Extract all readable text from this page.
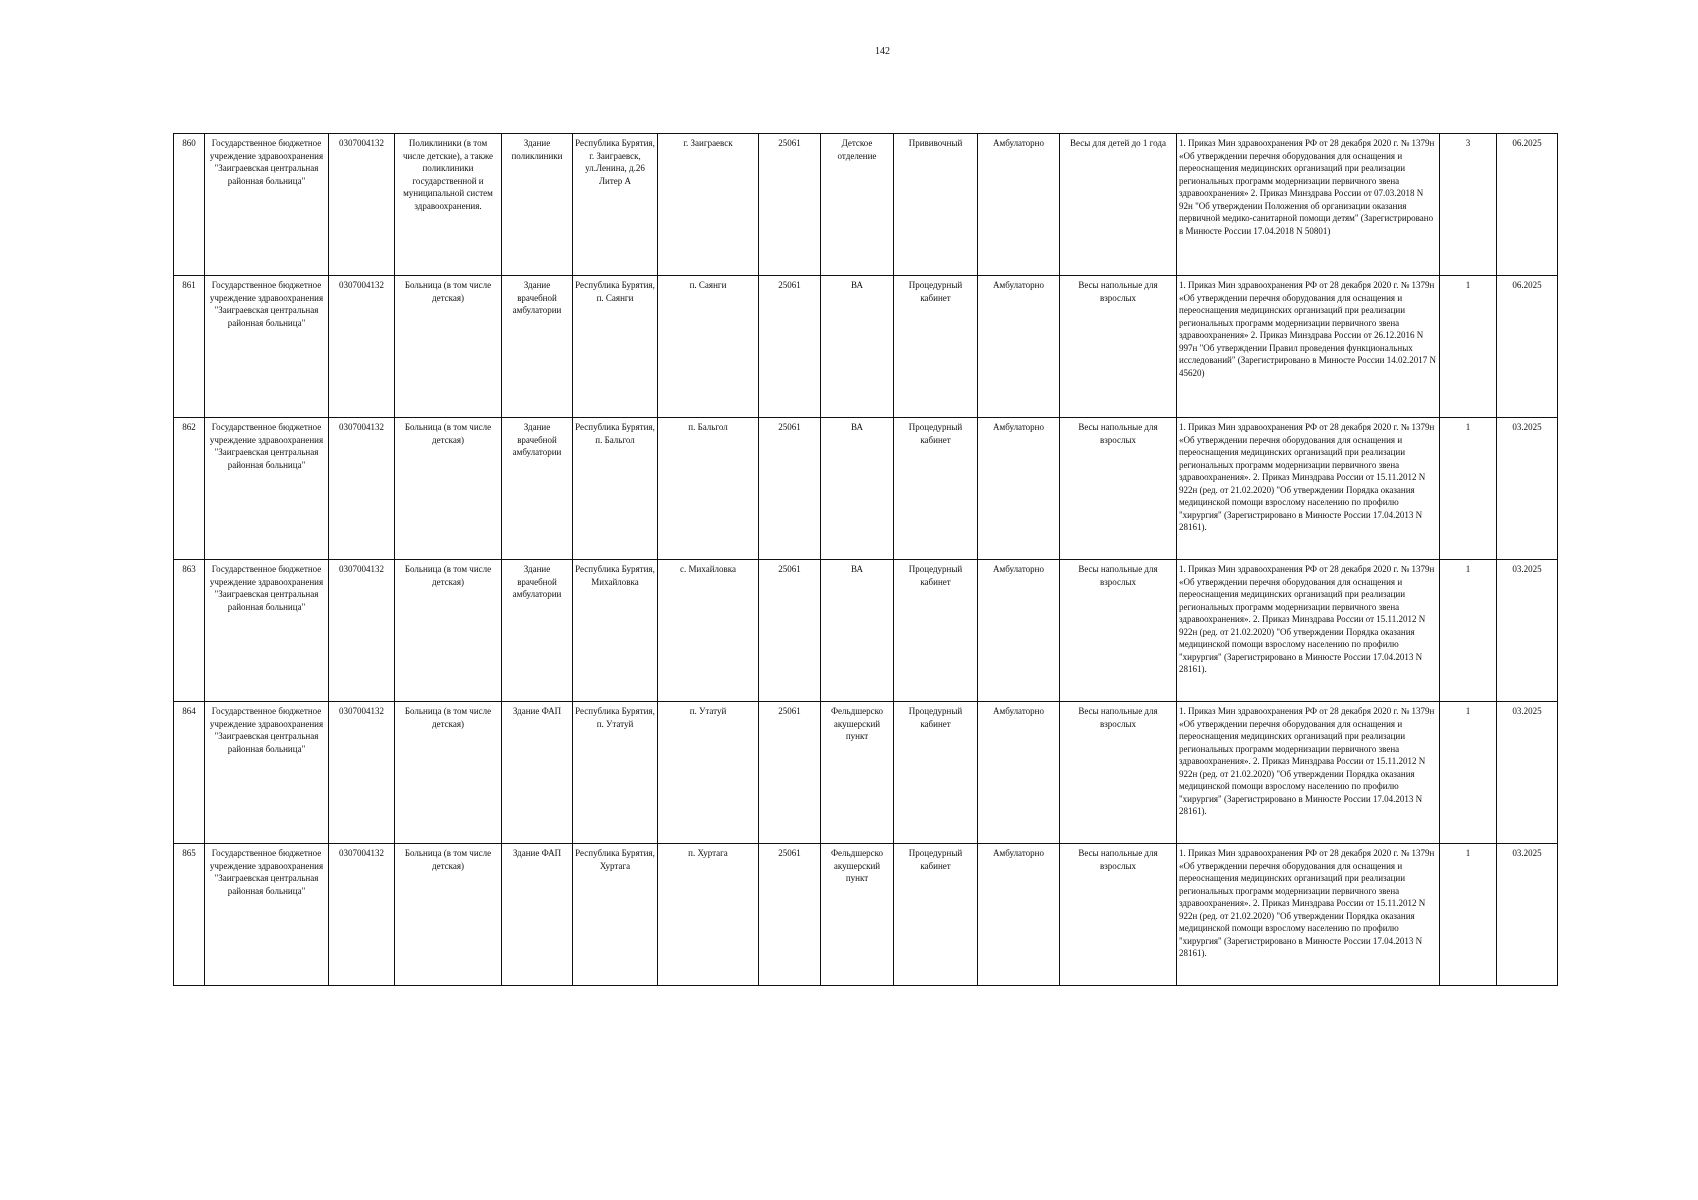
142
860	Государственное бюджетное учреждение здравоохранения "Заиграевская центральная районная больница"	0307004132	Поликлиники (в том числе детские), а также поликлиники государственной и муниципальной систем здравоохранения.	Здание поликлиники	Республика Бурятия, г. Заиграевск, ул.Ленина, д.26 Литер А	г. Заиграевск	25061	Детское отделение	Прививочный	Амбулаторно	Весы для детей до 1 года	1. Приказ Мин здравоохранения РФ от 28 декабря 2020 г. № 1379н «Об утверждении перечня оборудования для оснащения и переоснащения медицинских организаций при реализации региональных программ модернизации первичного звена здравоохранения» 2. Приказ Минздрава России от 07.03.2018 N 92н "Об утверждении Положения об организации оказания первичной медико-санитарной помощи детям" (Зарегистрировано в Минюсте России 17.04.2018 N 50801)	3	06.2025
861	Государственное бюджетное учреждение здравоохранения "Заиграевская центральная районная больница"	0307004132	Больница (в том числе детская)	Здание врачебной амбулатории	Республика Бурятия, п. Саянги	п. Саянги	25061	ВА	Процедурный кабинет	Амбулаторно	Весы напольные для взрослых	1. Приказ Мин здравоохранения РФ от 28 декабря 2020 г. № 1379н «Об утверждении перечня оборудования для оснащения и переоснащения медицинских организаций при реализации региональных программ модернизации первичного звена здравоохранения» 2. Приказ Минздрава России от 26.12.2016 N 997н "Об утверждении Правил проведения функциональных исследований" (Зарегистрировано в Минюсте России 14.02.2017 N 45620)	1	06.2025
862	Государственное бюджетное учреждение здравоохранения "Заиграевская центральная районная больница"	0307004132	Больница (в том числе детская)	Здание врачебной амбулатории	Республика Бурятия, п. Бальгол	п. Бальгол	25061	ВА	Процедурный кабинет	Амбулаторно	Весы напольные для взрослых	1. Приказ Мин здравоохранения РФ от 28 декабря 2020 г. № 1379н «Об утверждении перечня оборудования для оснащения и переоснащения медицинских организаций при реализации региональных программ модернизации первичного звена здравоохранения». 2. Приказ Минздрава России от 15.11.2012 N 922н (ред. от 21.02.2020) "Об утверждении Порядка оказания медицинской помощи взрослому населению по профилю "хирургия" (Зарегистрировано в Минюсте России 17.04.2013 N 28161).	1	03.2025
863	Государственное бюджетное учреждение здравоохранения "Заиграевская центральная районная больница"	0307004132	Больница (в том числе детская)	Здание врачебной амбулатории	Республика Бурятия, Михайловка	с. Михайловка	25061	ВА	Процедурный кабинет	Амбулаторно	Весы напольные для взрослых	1. Приказ Мин здравоохранения РФ от 28 декабря 2020 г. № 1379н «Об утверждении перечня оборудования для оснащения и переоснащения медицинских организаций при реализации региональных программ модернизации первичного звена здравоохранения». 2. Приказ Минздрава России от 15.11.2012 N 922н (ред. от 21.02.2020) "Об утверждении Порядка оказания медицинской помощи взрослому населению по профилю "хирургия" (Зарегистрировано в Минюсте России 17.04.2013 N 28161).	1	03.2025
864	Государственное бюджетное учреждение здравоохранения "Заиграевская центральная районная больница"	0307004132	Больница (в том числе детская)	Здание ФАП	Республика Бурятия, п. Утатуй	п. Утатуй	25061	Фельдшерско акушерский пункт	Процедурный кабинет	Амбулаторно	Весы напольные для взрослых	1. Приказ Мин здравоохранения РФ от 28 декабря 2020 г. № 1379н «Об утверждении перечня оборудования для оснащения и переоснащения медицинских организаций при реализации региональных программ модернизации первичного звена здравоохранения». 2. Приказ Минздрава России от 15.11.2012 N 922н (ред. от 21.02.2020) "Об утверждении Порядка оказания медицинской помощи взрослому населению по профилю "хирургия" (Зарегистрировано в Минюсте России 17.04.2013 N 28161).	1	03.2025
865	Государственное бюджетное учреждение здравоохранения "Заиграевская центральная районная больница"	0307004132	Больница (в том числе детская)	Здание ФАП	Республика Бурятия, Хуртага	п. Хуртага	25061	Фельдшерско акушерский пункт	Процедурный кабинет	Амбулаторно	Весы напольные для взрослых	1. Приказ Мин здравоохранения РФ от 28 декабря 2020 г. № 1379н «Об утверждении перечня оборудования для оснащения и переоснащения медицинских организаций при реализации региональных программ модернизации первичного звена здравоохранения». 2. Приказ Минздрава России от 15.11.2012 N 922н (ред. от 21.02.2020) "Об утверждении Порядка оказания медицинской помощи взрослому населению по профилю "хирургия" (Зарегистрировано в Минюсте России 17.04.2013 N 28161).	1	03.2025
